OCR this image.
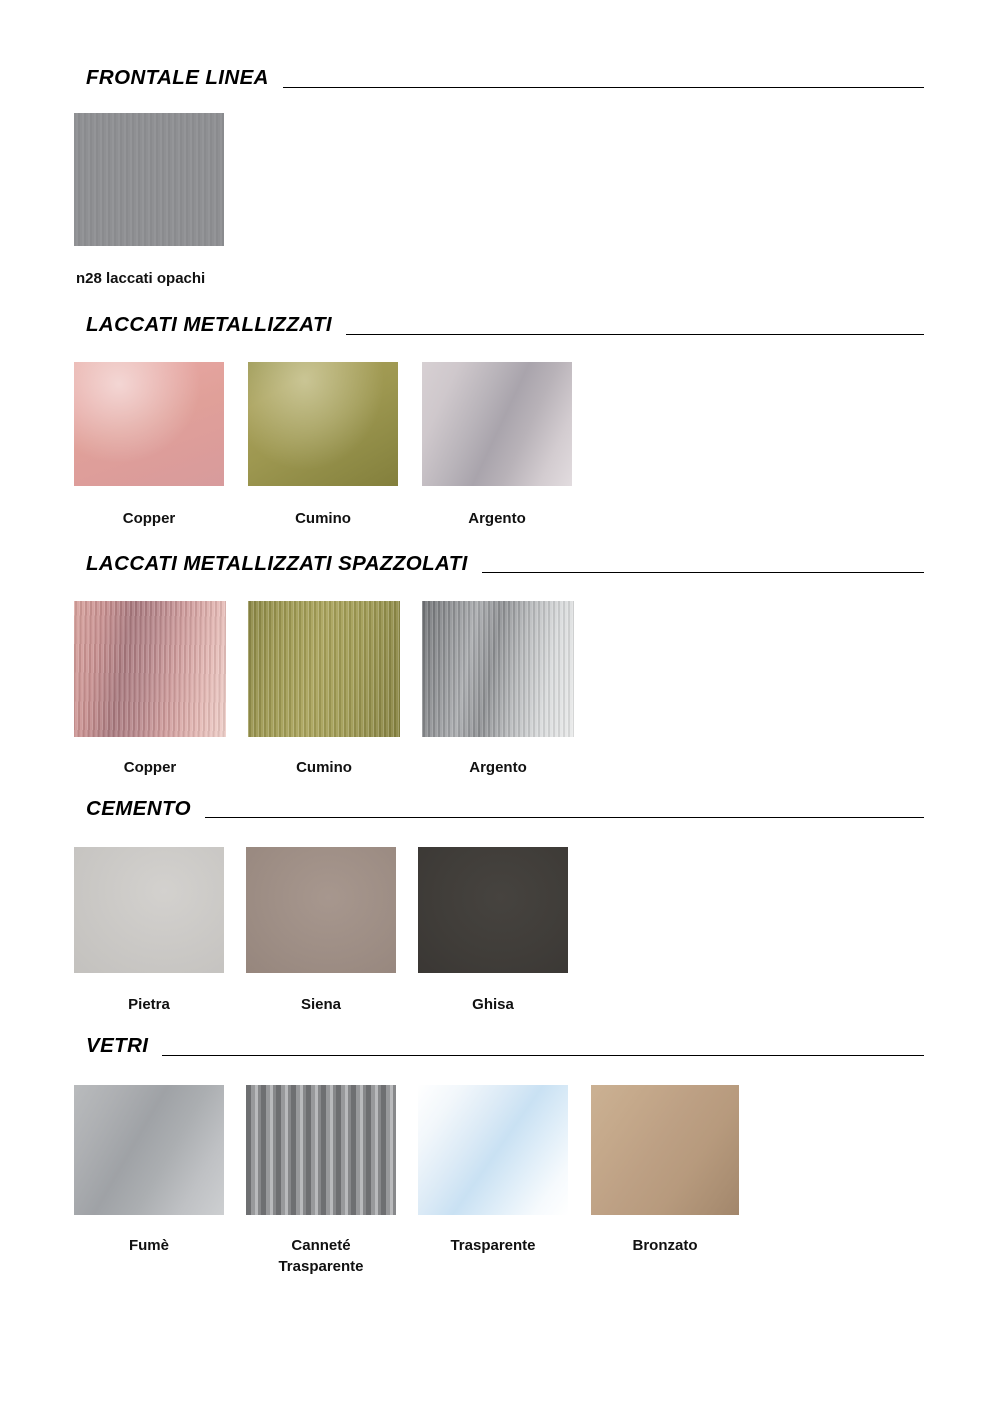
FRONTALE LINEA
n28 laccati opachi
LACCATI METALLIZZATI
Copper	Cumino	Argento
LACCATI METALLIZZATI SPAZZOLATI
Copper	Cumino	Argento
CEMENTO
Pietra	Siena	Ghisa
VETRI
Fumè	Canneté
Trasparente
Trasparente	Bronzato
